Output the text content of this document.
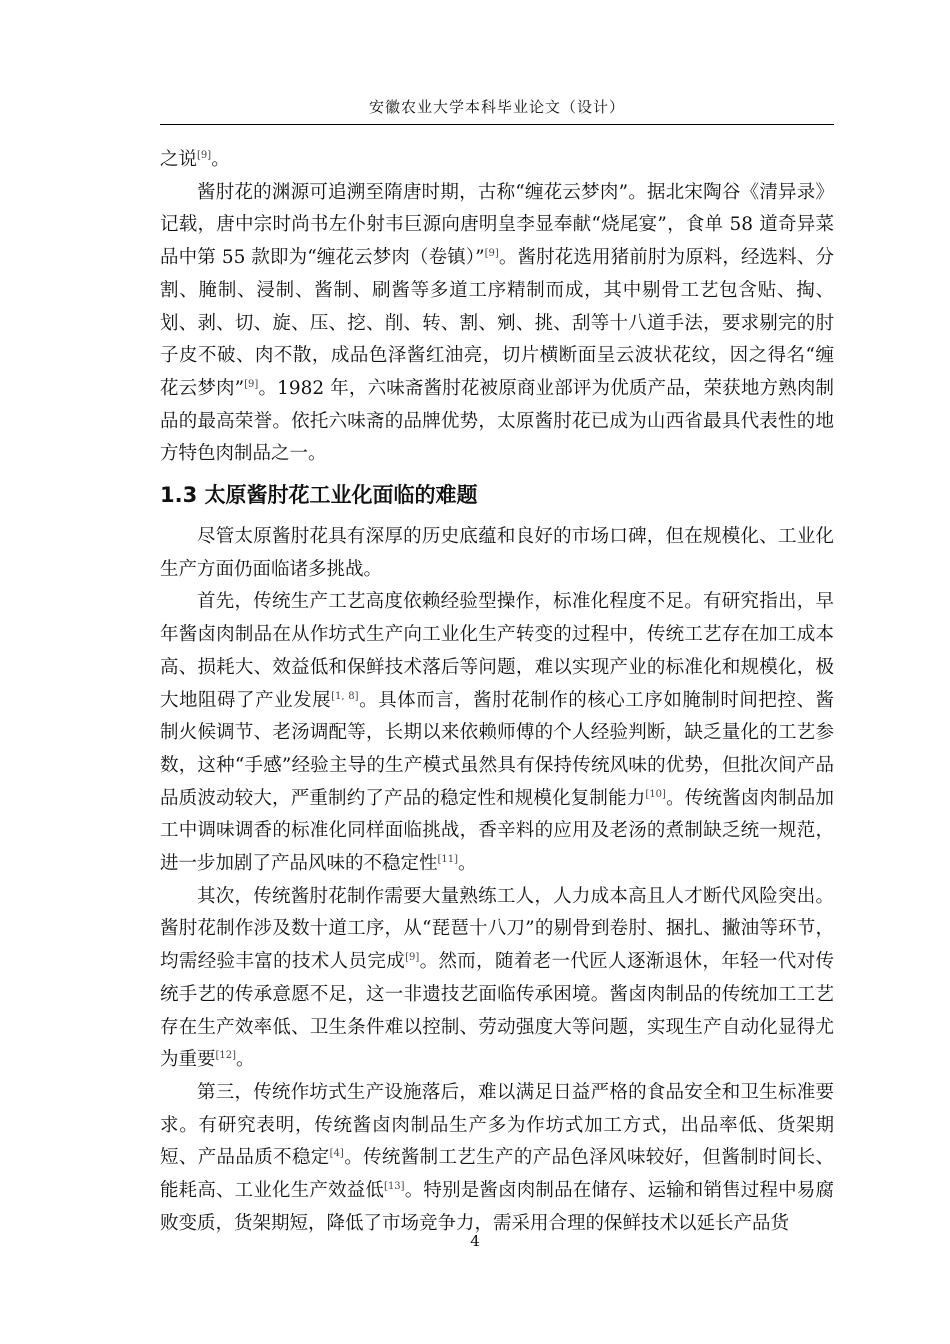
安徽农业大学本科毕业论文（设计）

之说[9]。

酱肘花的渊源可追溯至隋唐时期，古称“缠花云梦肉”。据北宋陶谷《清异录》记载，唐中宗时尚书左仆射韦巨源向唐明皇李显奉献“烧尾宴”，食单 58 道奇异菜品中第 55 款即为“缠花云梦肉（卷镇）”[9]。酱肘花选用猪前肘为原料，经选料、分割、腌制、浸制、酱制、刷酱等多道工序精制而成，其中剔骨工艺包含贴、掏、划、剥、切、旋、压、挖、削、转、割、剜、挑、刮等十八道手法，要求剔完的肘子皮不破、肉不散，成品色泽酱红油亮，切片横断面呈云波状花纹，因之得名“缠花云梦肉”[9]。1982 年，六味斋酱肘花被原商业部评为优质产品，荣获地方熟肉制品的最高荣誉。依托六味斋的品牌优势，太原酱肘花已成为山西省最具代表性的地方特色肉制品之一。

1.3 太原酱肘花工业化面临的难题

尽管太原酱肘花具有深厚的历史底蕴和良好的市场口碑，但在规模化、工业化生产方面仍面临诸多挑战。

首先，传统生产工艺高度依赖经验型操作，标准化程度不足。有研究指出，早年酱卤肉制品在从作坊式生产向工业化生产转变的过程中，传统工艺存在加工成本高、损耗大、效益低和保鲜技术落后等问题，难以实现产业的标准化和规模化，极大地阻碍了产业发展[1, 8]。具体而言，酱肘花制作的核心工序如腌制时间把控、酱制火候调节、老汤调配等，长期以来依赖师傅的个人经验判断，缺乏量化的工艺参数，这种“手感”经验主导的生产模式虽然具有保持传统风味的优势，但批次间产品品质波动较大，严重制约了产品的稳定性和规模化复制能力[10]。传统酱卤肉制品加工中调味调香的标准化同样面临挑战，香辛料的应用及老汤的煮制缺乏统一规范，进一步加剧了产品风味的不稳定性[11]。

其次，传统酱肘花制作需要大量熟练工人，人力成本高且人才断代风险突出。酱肘花制作涉及数十道工序，从“琵琶十八刀”的剔骨到卷肘、捆扎、撇油等环节，均需经验丰富的技术人员完成[9]。然而，随着老一代匠人逐渐退休，年轻一代对传统手艺的传承意愿不足，这一非遗技艺面临传承困境。酱卤肉制品的传统加工工艺存在生产效率低、卫生条件难以控制、劳动强度大等问题，实现生产自动化显得尤为重要[12]。

第三，传统作坊式生产设施落后，难以满足日益严格的食品安全和卫生标准要求。有研究表明，传统酱卤肉制品生产多为作坊式加工方式，出品率低、货架期短、产品品质不稳定[4]。传统酱制工艺生产的产品色泽风味较好，但酱制时间长、能耗高、工业化生产效益低[13]。特别是酱卤肉制品在储存、运输和销售过程中易腐败变质，货架期短，降低了市场竞争力，需采用合理的保鲜技术以延长产品货

4
